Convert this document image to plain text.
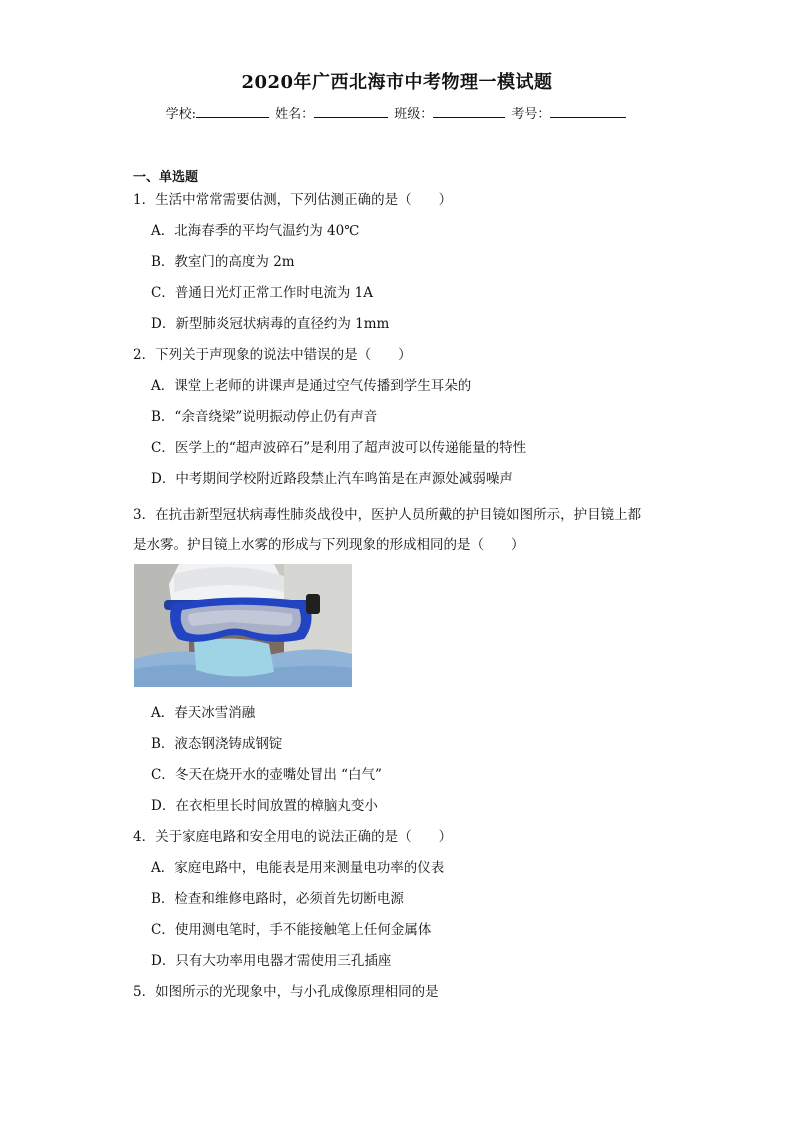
2020年广西北海市中考物理一模试题
学校:	姓名：	班级：	考号：
一、单选题
1．生活中常常需要估测，下列估测正确的是（　　）
A．北海春季的平均气温约为 40℃
B．教室门的高度为 2m
C．普通日光灯正常工作时电流为 1A
D．新型肺炎冠状病毒的直径约为 1mm
2．下列关于声现象的说法中错误的是（　　）
A．课堂上老师的讲课声是通过空气传播到学生耳朵的
B．“余音绕梁”说明振动停止仍有声音
C．医学上的“超声波碎石”是利用了超声波可以传递能量的特性
D．中考期间学校附近路段禁止汽车鸣笛是在声源处减弱噪声
3．在抗击新型冠状病毒性肺炎战役中，医护人员所戴的护目镜如图所示，护目镜上都
是水雾。护目镜上水雾的形成与下列现象的形成相同的是（　　）
A．春天冰雪消融
B．液态钢浇铸成钢锭
C．冬天在烧开水的壶嘴处冒出 “白气”
D．在衣柜里长时间放置的樟脑丸变小
4．关于家庭电路和安全用电的说法正确的是（　　）
A．家庭电路中，电能表是用来测量电功率的仪表
B．检查和维修电路时，必须首先切断电源
C．使用测电笔时，手不能接触笔上任何金属体
D．只有大功率用电器才需使用三孔插座
5．如图所示的光现象中，与小孔成像原理相同的是
